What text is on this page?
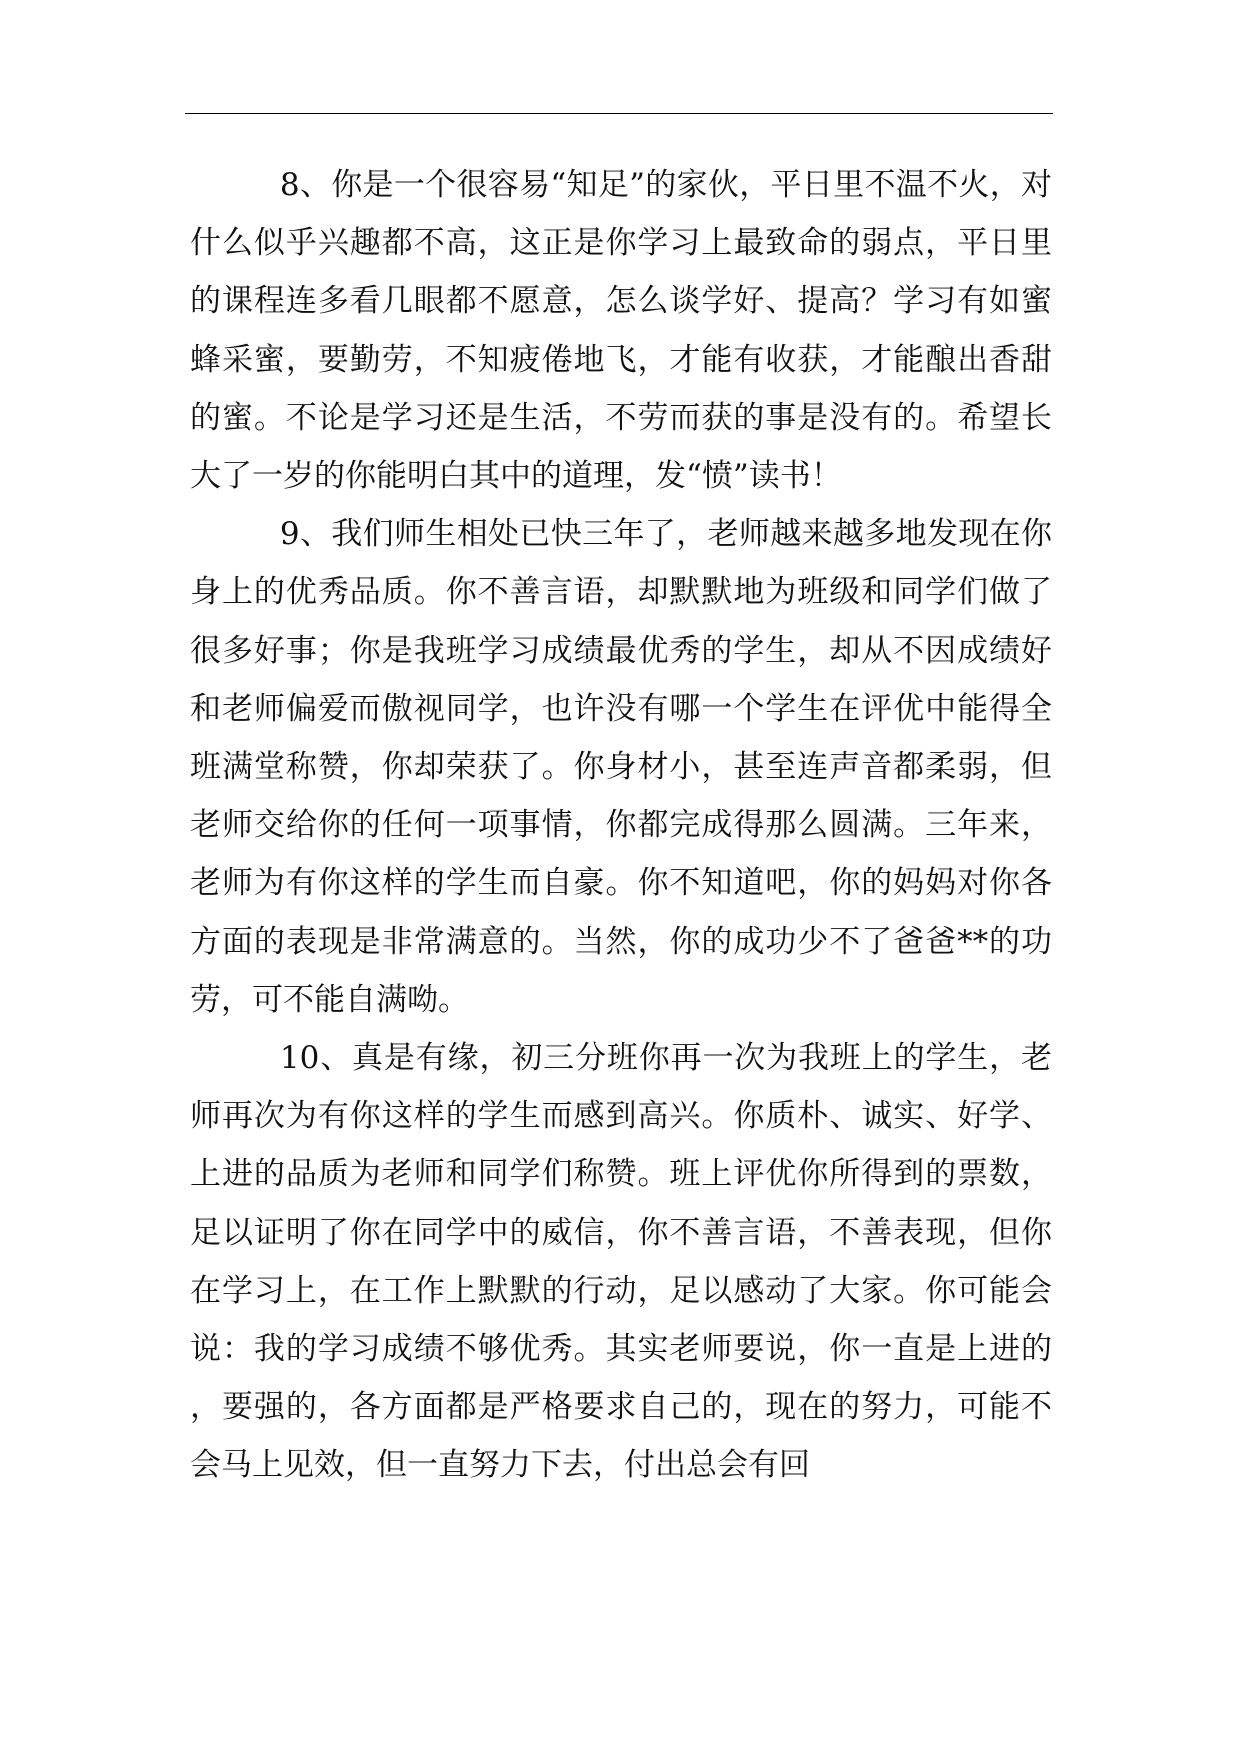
8、你是一个很容易“知足”的家伙，平日里不温不火，对什么似乎兴趣都不高，这正是你学习上最致命的弱点，平日里的课程连多看几眼都不愿意，怎么谈学好、提高？学习有如蜜蜂采蜜，要勤劳，不知疲倦地飞，才能有收获，才能酿出香甜的蜜。不论是学习还是生活，不劳而获的事是没有的。希望长大了一岁的你能明白其中的道理，发“愤”读书！

9、我们师生相处已快三年了，老师越来越多地发现在你身上的优秀品质。你不善言语，却默默地为班级和同学们做了很多好事；你是我班学习成绩最优秀的学生，却从不因成绩好和老师偏爱而傲视同学，也许没有哪一个学生在评优中能得全班满堂称赞，你却荣获了。你身材小，甚至连声音都柔弱，但老师交给你的任何一项事情，你都完成得那么圆满。三年来，老师为有你这样的学生而自豪。你不知道吧，你的妈妈对你各方面的表现是非常满意的。当然，你的成功少不了爸爸**的功劳，可不能自满呦。

10、真是有缘，初三分班你再一次为我班上的学生，老师再次为有你这样的学生而感到高兴。你质朴、诚实、好学、上进的品质为老师和同学们称赞。班上评优你所得到的票数，足以证明了你在同学中的威信，你不善言语，不善表现，但你在学习上，在工作上默默的行动，足以感动了大家。你可能会说：我的学习成绩不够优秀。其实老师要说，你一直是上进的，要强的，各方面都是严格要求自己的，现在的努力，可能不会马上见效，但一直努力下去，付出总会有回
